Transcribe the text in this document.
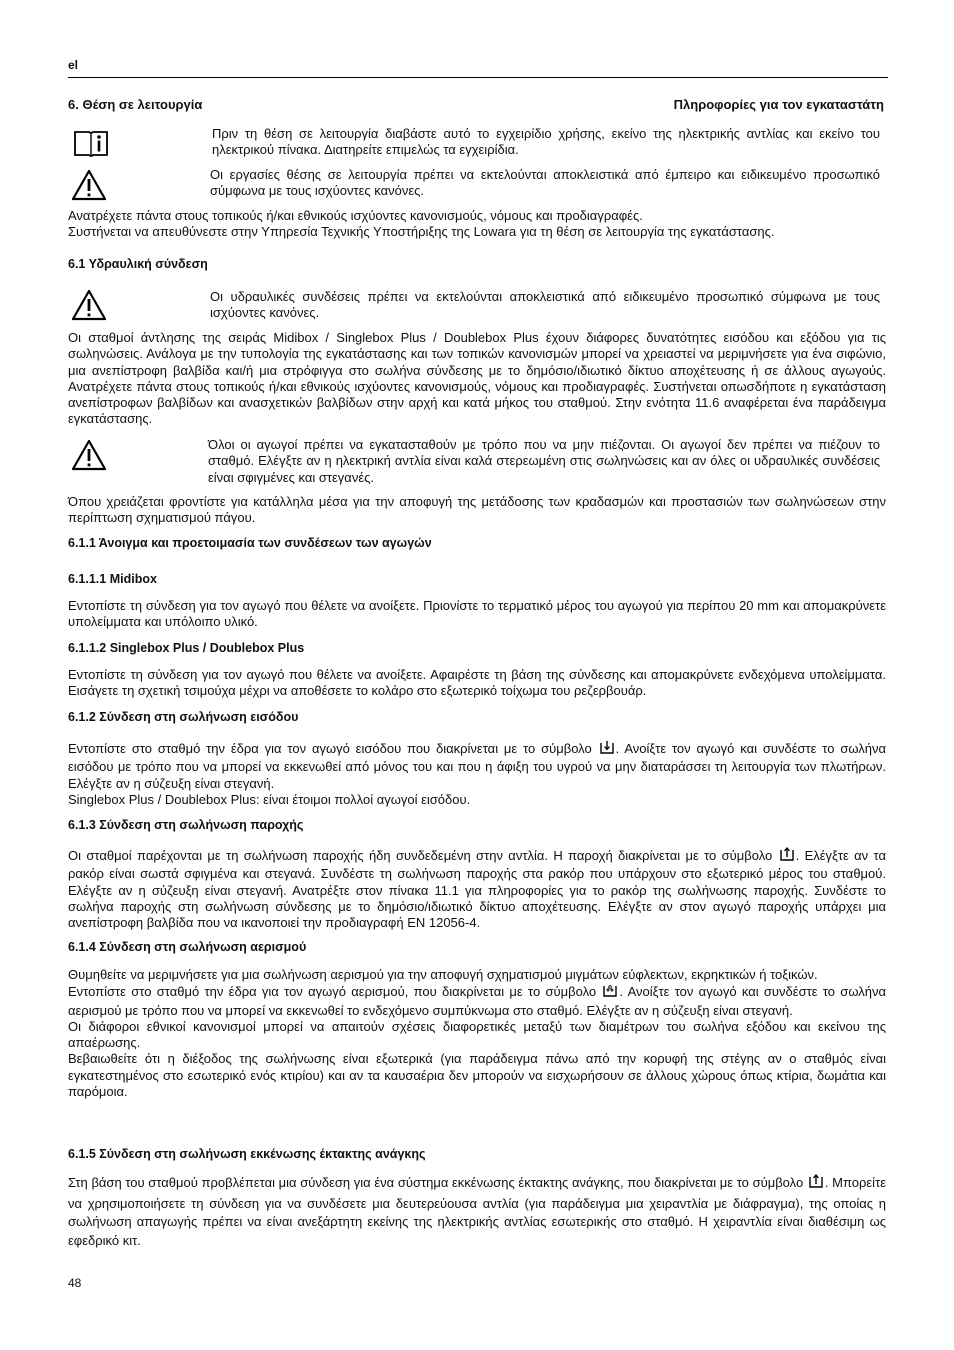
el
6. Θέση σε λειτουργία	Πληροφορίες για τον εγκαταστάτη

Πριν τη θέση σε λειτουργία διαβάστε αυτό το εγχειρίδιο χρήσης, εκείνο της ηλεκτρικής αντλίας και εκείνο του ηλεκτρικού πίνακα. Διατηρείτε επιμελώς τα εγχειρίδια.

Οι εργασίες θέσης σε λειτουργία πρέπει να εκτελούνται αποκλειστικά από έμπειρο και ειδικευμένο προσωπικό σύμφωνα με τους ισχύοντες κανόνες.

Ανατρέχετε πάντα στους τοπικούς ή/και εθνικούς ισχύοντες κανονισμούς, νόμους και προδιαγραφές.

Συστήνεται να απευθύνεστε στην Υπηρεσία Τεχνικής Υποστήριξης της Lowara για τη θέση σε λειτουργία της εγκατάστασης.

6.1 Υδραυλική σύνδεση

Οι υδραυλικές συνδέσεις πρέπει να εκτελούνται αποκλειστικά από ειδικευμένο προσωπικό σύμφωνα με τους ισχύοντες κανόνες.

Οι σταθμοί άντλησης της σειράς Midibox / Singlebox Plus / Doublebox Plus έχουν διάφορες δυνατότητες εισόδου και εξόδου για τις σωληνώσεις. Ανάλογα με την τυπολογία της εγκατάστασης και των τοπικών κανονισμών μπορεί να χρειαστεί να μεριμνήσετε για ένα σιφώνιο, μια ανεπίστροφη βαλβίδα και/ή μια στρόφιγγα στο σωλήνα σύνδεσης με το δημόσιο/ιδιωτικό δίκτυο αποχέτευσης ή σε άλλους αγωγούς. Ανατρέχετε πάντα στους τοπικούς ή/και εθνικούς ισχύοντες κανονισμούς, νόμους και προδιαγραφές. Συστήνεται οπωσδήποτε η εγκατάσταση ανεπίστροφων βαλβίδων και ανασχετικών βαλβίδων στην αρχή και κατά μήκος του σταθμού. Στην ενότητα 11.6 αναφέρεται ένα παράδειγμα εγκατάστασης.

Όλοι οι αγωγοί πρέπει να εγκατασταθούν με τρόπο που να μην πιέζονται. Οι αγωγοί δεν πρέπει να πιέζουν το σταθμό. Ελέγξτε αν η ηλεκτρική αντλία είναι καλά στερεωμένη στις σωληνώσεις και αν όλες οι υδραυλικές συνδέσεις είναι σφιγμένες και στεγανές.

Όπου χρειάζεται φροντίστε για κατάλληλα μέσα για την αποφυγή της μετάδοσης των κραδασμών και προστασιών των σωληνώσεων στην περίπτωση σχηματισμού πάγου.

6.1.1 Άνοιγμα και προετοιμασία των συνδέσεων των αγωγών
6.1.1.1 Midibox

Εντοπίστε τη σύνδεση για τον αγωγό που θέλετε να ανοίξετε. Πριονίστε το τερματικό μέρος του αγωγού για περίπου 20 mm και απομακρύνετε υπολείμματα και υπόλοιπο υλικό.

6.1.1.2 Singlebox Plus / Doublebox Plus

Εντοπίστε τη σύνδεση για τον αγωγό που θέλετε να ανοίξετε. Αφαιρέστε τη βάση της σύνδεσης και απομακρύνετε ενδεχόμενα υπολείμματα. Εισάγετε τη σχετική τσιμούχα μέχρι να αποθέσετε το κολάρο στο εξωτερικό τοίχωμα του ρεζερβουάρ.

6.1.2 Σύνδεση στη σωλήνωση εισόδου

Εντοπίστε στο σταθμό την έδρα για τον αγωγό εισόδου που διακρίνεται με το σύμβολο . Ανοίξτε τον αγωγό και συνδέστε το σωλήνα εισόδου με τρόπο που να μπορεί να εκκενωθεί από μόνος του και που η άφιξη του υγρού να μην διαταράσσει τη λειτουργία των πλωτήρων. Ελέγξτε αν η σύζευξη είναι στεγανή.

Singlebox Plus / Doublebox Plus: είναι έτοιμοι πολλοί αγωγοί εισόδου.

6.1.3 Σύνδεση στη σωλήνωση παροχής

Οι σταθμοί παρέχονται με τη σωλήνωση παροχής ήδη συνδεδεμένη στην αντλία. Η παροχή διακρίνεται με το σύμβολο . Ελέγξτε αν τα ρακόρ είναι σωστά σφιγμένα και στεγανά. Συνδέστε τη σωλήνωση παροχής στα ρακόρ που υπάρχουν στο εξωτερικό μέρος του σταθμού. Ελέγξτε αν η σύζευξη είναι στεγανή. Ανατρέξτε στον πίνακα 11.1 για πληροφορίες για το ρακόρ της σωλήνωσης παροχής. Συνδέστε το σωλήνα παροχής στη σωλήνωση σύνδεσης με το δημόσιο/ιδιωτικό δίκτυο αποχέτευσης. Ελέγξτε αν στον αγωγό παροχής υπάρχει μια ανεπίστροφη βαλβίδα που να ικανοποιεί την προδιαγραφή EN 12056-4.

6.1.4 Σύνδεση στη σωλήνωση αερισμού

Θυμηθείτε να μεριμνήσετε για μια σωλήνωση αερισμού για την αποφυγή σχηματισμού μιγμάτων εύφλεκτων, εκρηκτικών ή τοξικών.

Εντοπίστε στο σταθμό την έδρα για τον αγωγό αερισμού, που διακρίνεται με το σύμβολο . Ανοίξτε τον αγωγό και συνδέστε το σωλήνα αερισμού με τρόπο που να μπορεί να εκκενωθεί το ενδεχόμενο συμπύκνωμα στο σταθμό. Ελέγξτε αν η σύζευξη είναι στεγανή.

Οι διάφοροι εθνικοί κανονισμοί μπορεί να απαιτούν σχέσεις διαφορετικές μεταξύ των διαμέτρων του σωλήνα εξόδου και εκείνου της απαέρωσης.

Βεβαιωθείτε ότι η διέξοδος της σωλήνωσης είναι εξωτερικά (για παράδειγμα πάνω από την κορυφή της στέγης αν ο σταθμός είναι εγκατεστημένος στο εσωτερικό ενός κτιρίου) και αν τα καυσαέρια δεν μπορούν να εισχωρήσουν σε άλλους χώρους όπως κτίρια, δωμάτια και παρόμοια.

6.1.5 Σύνδεση στη σωλήνωση εκκένωσης έκτακτης ανάγκης

Στη βάση του σταθμού προβλέπεται μια σύνδεση για ένα σύστημα εκκένωσης έκτακτης ανάγκης, που διακρίνεται με το σύμβολο . Μπορείτε να χρησιμοποιήσετε τη σύνδεση για να συνδέσετε μια δευτερεύουσα αντλία (για παράδειγμα μια χειραντλία με διάφραγμα), της οποίας η σωλήνωση απαγωγής πρέπει να είναι ανεξάρτητη εκείνης της ηλεκτρικής αντλίας εσωτερικής στο σταθμό. Η χειραντλία είναι διαθέσιμη ως εφεδρικό κιτ.

48
